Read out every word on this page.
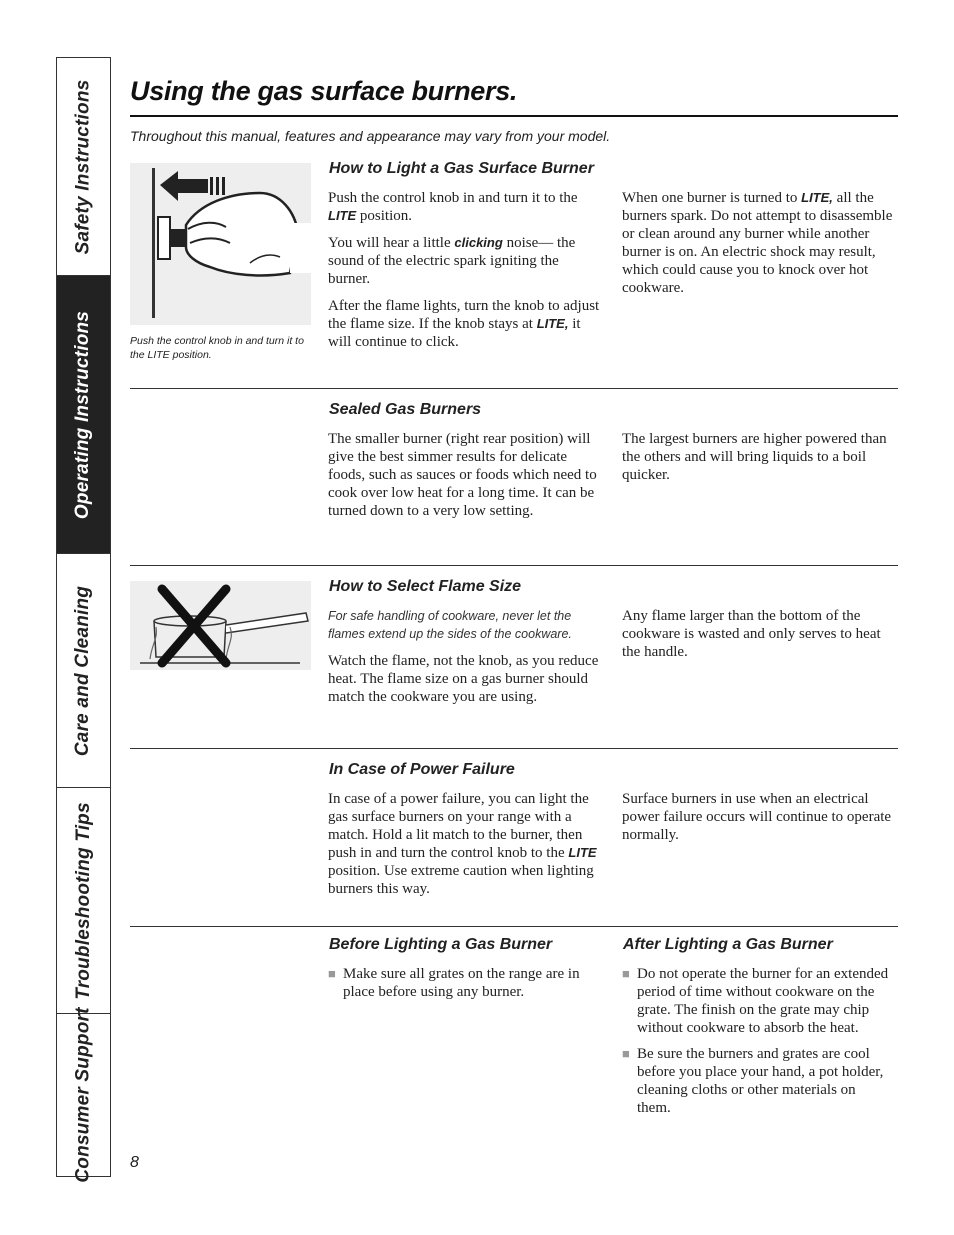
Safety Instructions
Operating Instructions
Care and Cleaning
Troubleshooting Tips
Consumer Support
Using the gas surface burners.
Throughout this manual, features and appearance may vary from your model.
Push the control knob in and turn it to the LITE position.
How to Light a Gas Surface Burner

Push the control knob in and turn it to the LITE position.

You will hear a little clicking noise— the sound of the electric spark igniting the burner.

After the flame lights, turn the knob to adjust the flame size. If the knob stays at LITE, it will continue to click.

When one burner is turned to LITE, all the burners spark. Do not attempt to disassemble or clean around any burner while another burner is on. An electric shock may result, which could cause you to knock over hot cookware.

Sealed Gas Burners

The smaller burner (right rear position) will give the best simmer results for delicate foods, such as sauces or foods which need to cook over low heat for a long time. It can be turned down to a very low setting.

The largest burners are higher powered than the others and will bring liquids to a boil quicker.

How to Select Flame Size

For safe handling of cookware, never let the flames extend up the sides of the cookware.

Watch the flame, not the knob, as you reduce heat. The flame size on a gas burner should match the cookware you are using.

Any flame larger than the bottom of the cookware is wasted and only serves to heat the handle.

In Case of Power Failure

In case of a power failure, you can light the gas surface burners on your range with a match. Hold a lit match to the burner, then push in and turn the control knob to the LITE position. Use extreme caution when lighting burners this way.

Surface burners in use when an electrical power failure occurs will continue to operate normally.

Before Lighting a Gas Burner
■ Make sure all grates on the range are in place before using any burner.
After Lighting a Gas Burner
■ Do not operate the burner for an extended period of time without cookware on the grate. The finish on the grate may chip without cookware to absorb the heat.
■ Be sure the burners and grates are cool before you place your hand, a pot holder, cleaning cloths or other materials on them.
8
